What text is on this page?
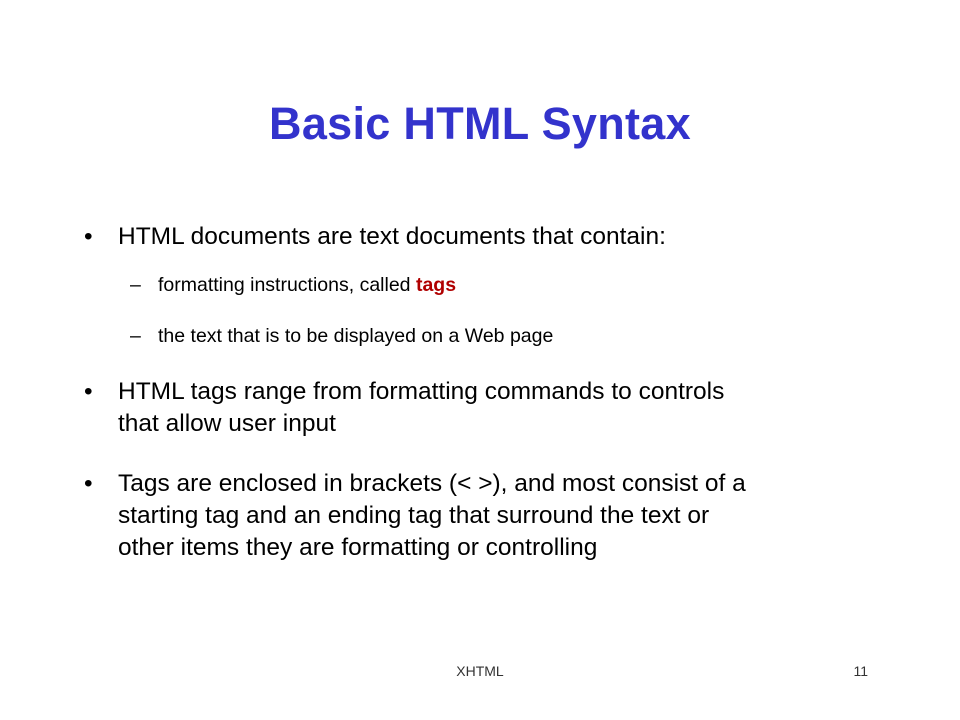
Basic HTML Syntax
•	HTML documents are text documents that contain:
– formatting instructions, called tags
– the text that is to be displayed on a Web page
•	HTML tags range from formatting commands to controls
that allow user input
•	Tags are enclosed in brackets (< >), and most consist of a
starting tag and an ending tag that surround the text or
other items they are formatting or controlling
XHTML	11
